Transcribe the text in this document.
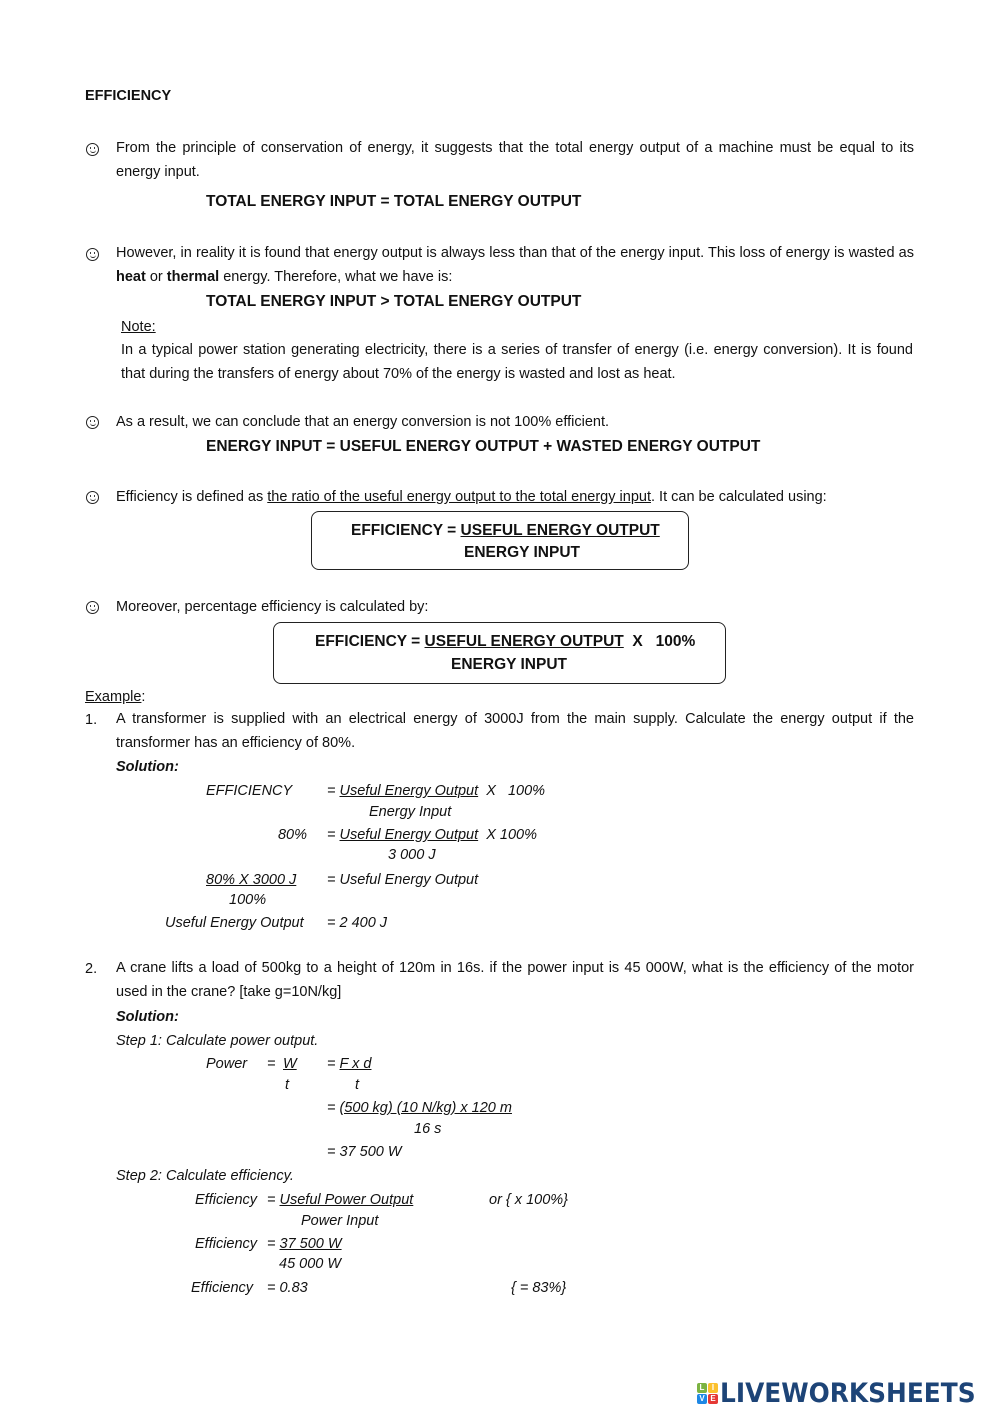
EFFICIENCY
From the principle of conservation of energy, it suggests that the total energy output of a machine must be equal to its energy input.
TOTAL ENERGY INPUT = TOTAL ENERGY OUTPUT
However, in reality it is found that energy output is always less than that of the energy input. This loss of energy is wasted as heat or thermal energy. Therefore, what we have is:
TOTAL ENERGY INPUT > TOTAL ENERGY OUTPUT
Note:
In a typical power station generating electricity, there is a series of transfer of energy (i.e. energy conversion). It is found that during the transfers of energy about 70% of the energy is wasted and lost as heat.
As a result, we can conclude that an energy conversion is not 100% efficient.
ENERGY INPUT = USEFUL ENERGY OUTPUT + WASTED ENERGY OUTPUT
Efficiency is defined as the ratio of the useful energy output to the total energy input. It can be calculated using:
EFFICIENCY = USEFUL ENERGY OUTPUT
ENERGY INPUT
Moreover, percentage efficiency is calculated by:
EFFICIENCY = USEFUL ENERGY OUTPUT  X   100%
ENERGY INPUT
Example:
1. A transformer is supplied with an electrical energy of 3000J from the main supply. Calculate the energy output if the transformer has an efficiency of 80%.
Solution:
EFFICIENCY = Useful Energy Output  X   100%
Energy Input
80% = Useful Energy Output  X 100%
3 000 J
80% X 3000 J = Useful Energy Output
100%
Useful Energy Output = 2 400 J
2. A crane lifts a load of 500kg to a height of 120m in 16s. if the power input is 45 000W, what is the efficiency of the motor used in the crane? [take g=10N/kg]
Solution:
Step 1: Calculate power output.
Power = W
t
= F x d
t
= (500 kg) (10 N/kg) x 120 m
16 s
= 37 500 W
Step 2: Calculate efficiency.
Efficiency = Useful Power Output	or { x 100%}
Power Input
Efficiency = 37 500 W
45 000 W
Efficiency = 0.83	{ = 83%}
L I
V E LIVEWORKSHEETS
